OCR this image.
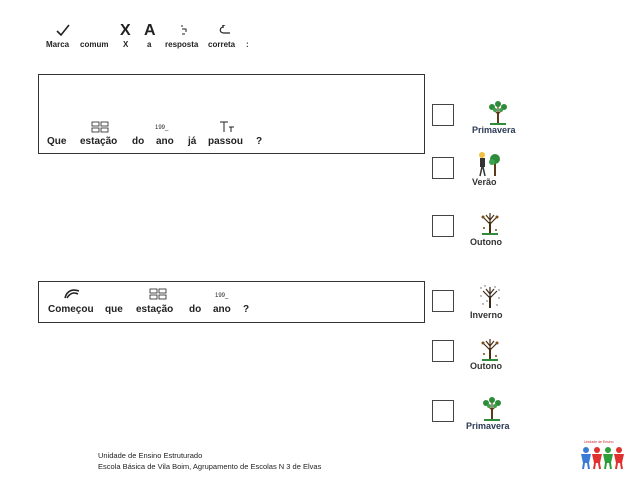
X A
Marca comum X a resposta correta :
199_
Que estação do ano já passou ?
199_
Começou que estação do ano ?
Primavera
Verão
Outono
Inverno
Outono
Primavera
Unidade de Ensino Estruturado
Escola Básica de Vila Boim, Agrupamento de Escolas N 3 de Elvas
Unidade de Ensino
